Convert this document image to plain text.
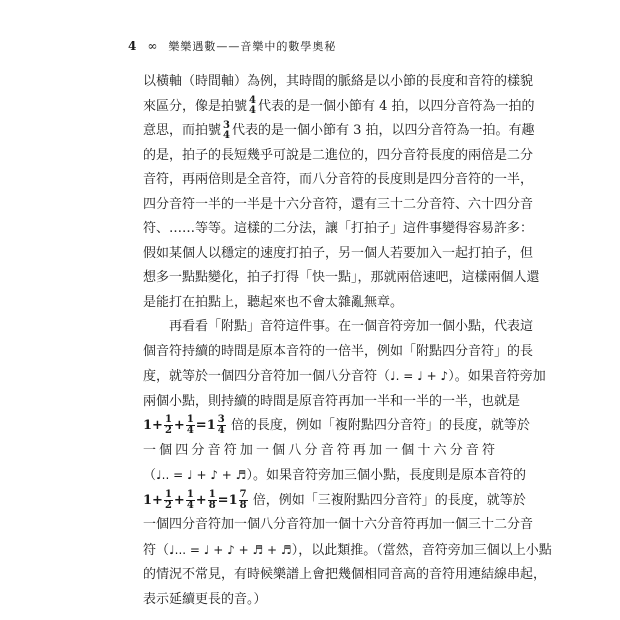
4 ∞ 樂樂遇數——音樂中的數學奧秘
以橫軸（時間軸）為例，其時間的脈絡是以小節的長度和音符的樣貌
來區分，像是拍號 4
4 代表的是一個小節有 4 拍，以四分音符為一拍的
意思，而拍號 3
4 代表的是一個小節有 3 拍，以四分音符為一拍。有趣
的是，拍子的長短幾乎可說是二進位的，四分音符長度的兩倍是二分
音符，再兩倍則是全音符，而八分音符的長度則是四分音符的一半，
四分音符一半的一半是十六分音符，還有三十二分音符、六十四分音
符、……等等。這樣的二分法，讓「打拍子」這件事變得容易許多：
假如某個人以穩定的速度打拍子，另一個人若要加入一起打拍子，但
想多一點點變化，拍子打得「快一點」，那就兩倍速吧，這樣兩個人還
是能打在拍點上，聽起來也不會太雜亂無章。
再看看「附點」音符這件事。在一個音符旁加一個小點，代表這
個音符持續的時間是原本音符的一倍半，例如「附點四分音符」的長
度，就等於一個四分音符加一個八分音符（♩. = ♩ + ♪）。如果音符旁加
兩個小點，則持續的時間是原音符再加一半和一半的一半，也就是
$1+ \frac{1}{2} + \frac{1}{4} =1 \frac{3}{4}$ 倍的長度，例如「複附點四分音符」的長度，就等於
一個四分音符加一個八分音符再加一個十六分音符
（♩.. = ♩ + ♪ + ♬）。如果音符旁加三個小點，長度則是原本音符的
$1+ \frac{1}{2} + \frac{1}{4} + \frac{1}{8} =1 \frac{7}{8}$ 倍，例如「三複附點四分音符」的長度，就等於
一個四分音符加一個八分音符加一個十六分音符再加一個三十二分音
符（♩... = ♩ + ♪ + ♬ + ♬），以此類推。（當然，音符旁加三個以上小點
的情況不常見，有時候樂譜上會把幾個相同音高的音符用連結線串起，
表示延續更長的音。）
